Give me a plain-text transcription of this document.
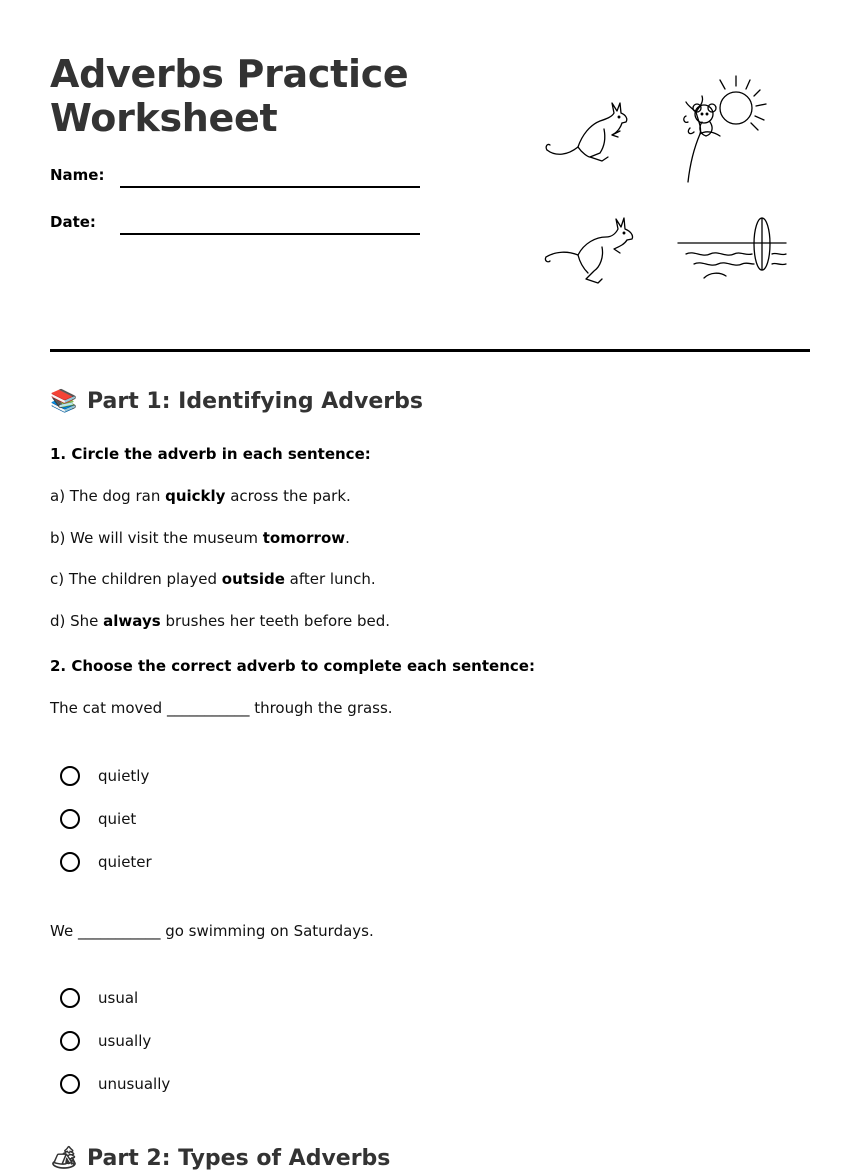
Adverbs Practice
Worksheet
Name:
Date:
📚 Part 1: Identifying Adverbs
1. Circle the adverb in each sentence:
a) The dog ran quickly across the park.
b) We will visit the museum tomorrow.
c) The children played outside after lunch.
d) She always brushes her teeth before bed.
2. Choose the correct adverb to complete each sentence:
The cat moved ___________ through the grass.
quietly
quiet
quieter
We ___________ go swimming on Saturdays.
usual
usually
unusually
🏕 Part 2: Types of Adverbs
